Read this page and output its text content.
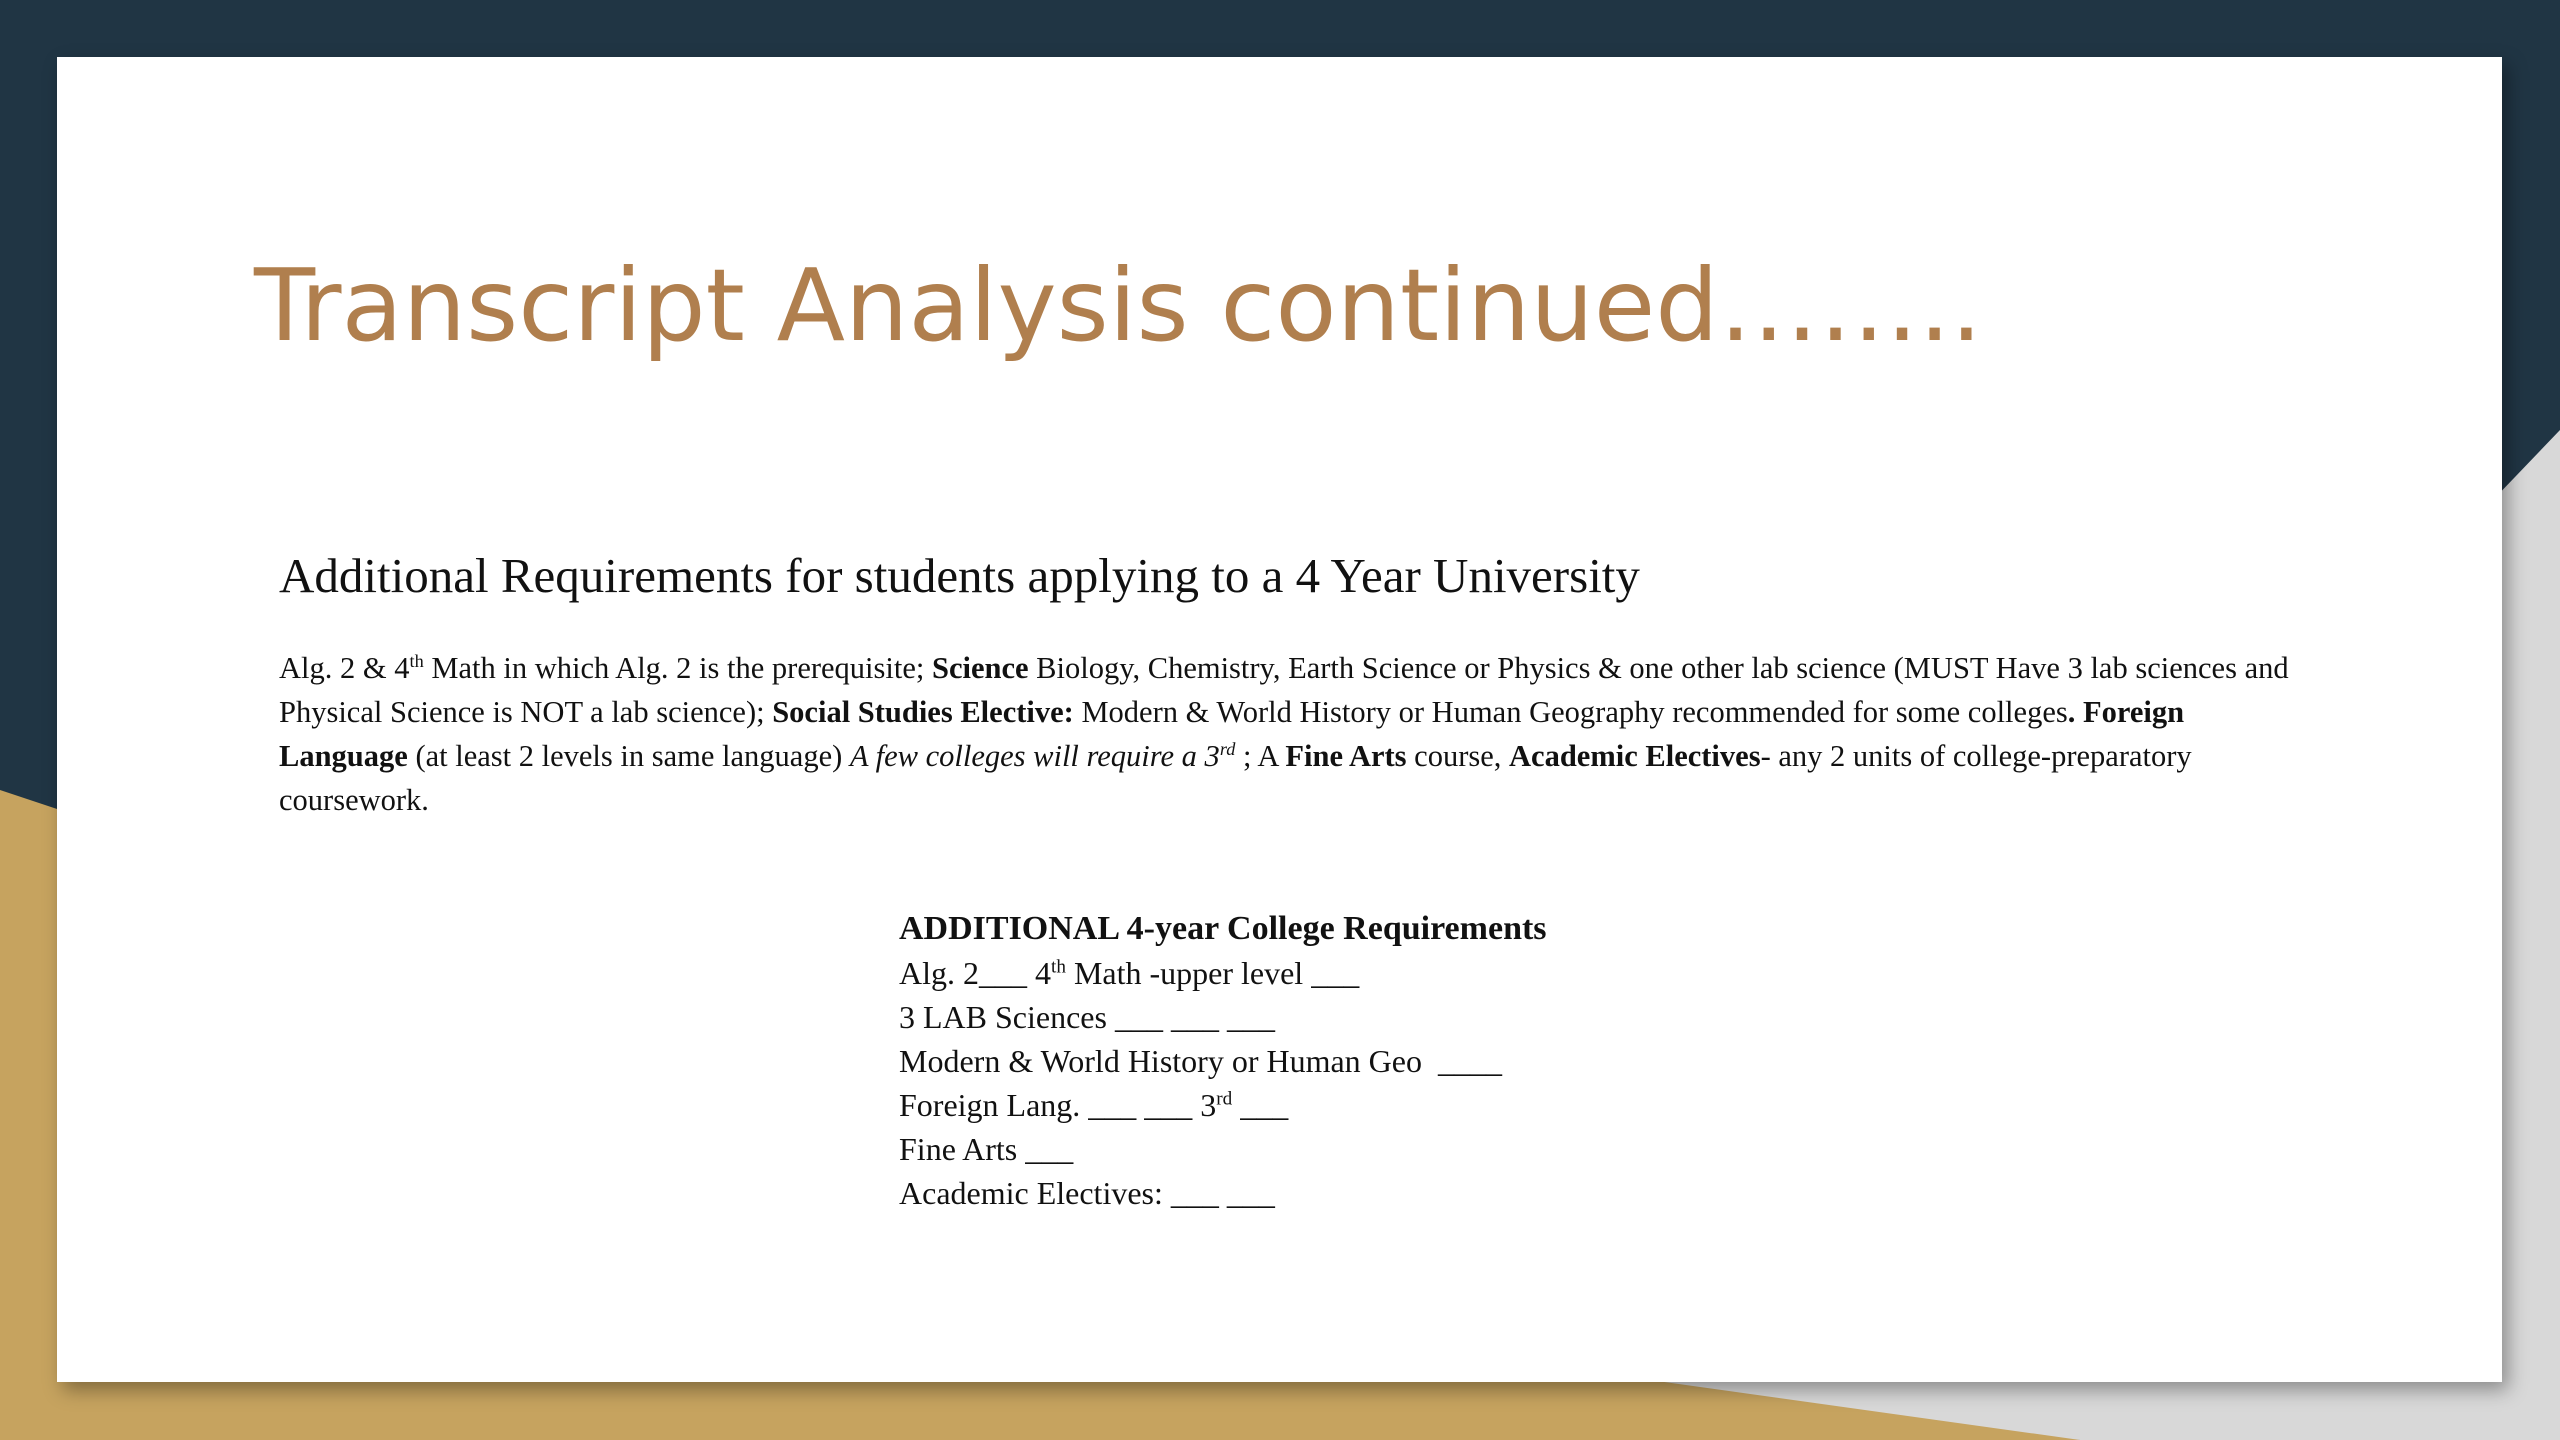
Transcript Analysis continued……..
Additional Requirements for students applying to a 4 Year University

Alg. 2 & 4th Math in which Alg. 2 is the prerequisite; Science Biology, Chemistry, Earth Science or Physics & one other lab science (MUST Have 3 lab sciences and Physical Science is NOT a lab science); Social Studies Elective: Modern & World History or Human Geography recommended for some colleges. Foreign Language (at least 2 levels in same language) A few colleges will require a 3rd ; A Fine Arts course, Academic Electives- any 2 units of college-preparatory coursework.

ADDITIONAL 4-year College Requirements
Alg. 2___ 4th Math -upper level ___
3 LAB Sciences ___ ___ ___
Modern & World History or Human Geo  ____
Foreign Lang. ___ ___ 3rd ___
Fine Arts ___
Academic Electives: ___ ___
